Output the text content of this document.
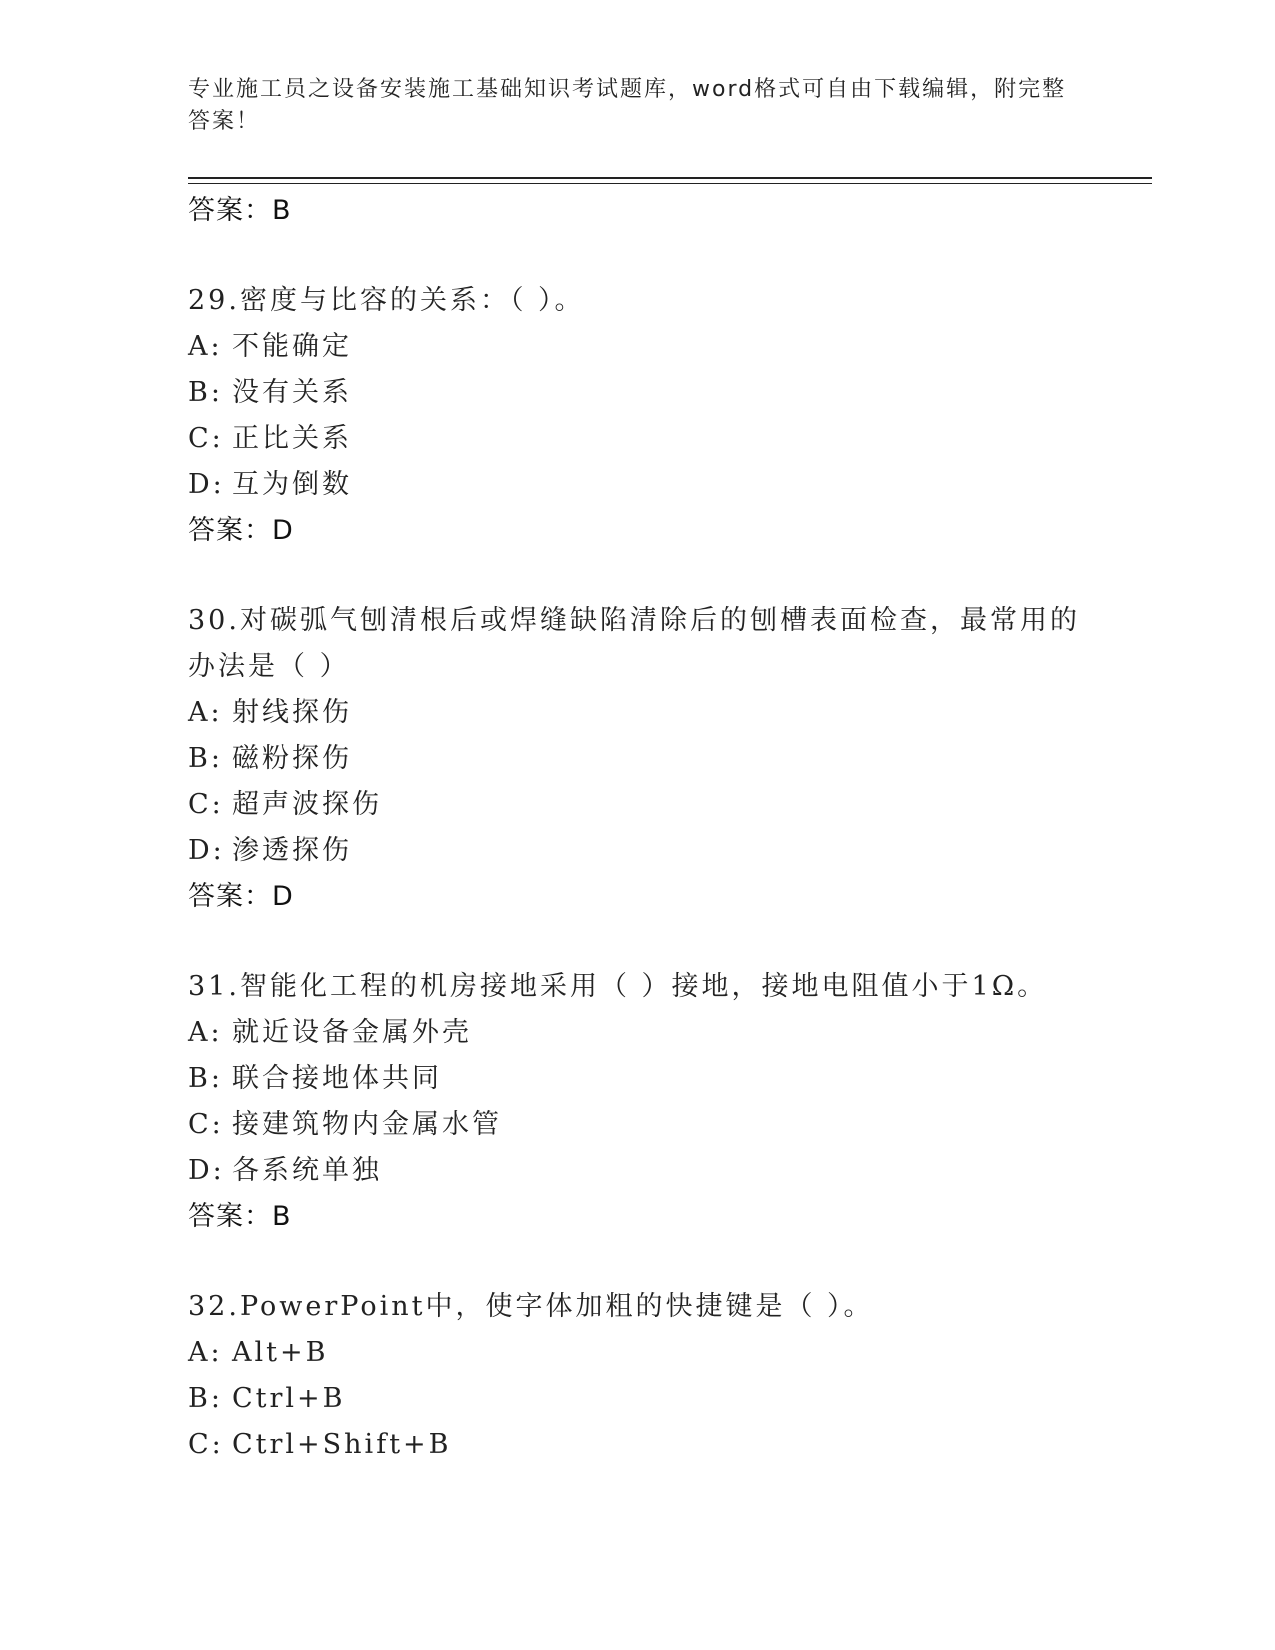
专业施工员之设备安装施工基础知识考试题库，word格式可自由下载编辑，附完整答案！
答案：B
29.密度与比容的关系：（ ）。
A: 不能确定
B: 没有关系
C: 正比关系
D: 互为倒数
答案：D
30.对碳弧气刨清根后或焊缝缺陷清除后的刨槽表面检查，最常用的办法是（ ）
A: 射线探伤
B: 磁粉探伤
C: 超声波探伤
D: 渗透探伤
答案：D
31.智能化工程的机房接地采用（ ）接地，接地电阻值小于1Ω。
A: 就近设备金属外壳
B: 联合接地体共同
C: 接建筑物内金属水管
D: 各系统单独
答案：B
32.PowerPoint中，使字体加粗的快捷键是（ ）。
A: Alt+B
B: Ctrl+B
C: Ctrl+Shift+B
